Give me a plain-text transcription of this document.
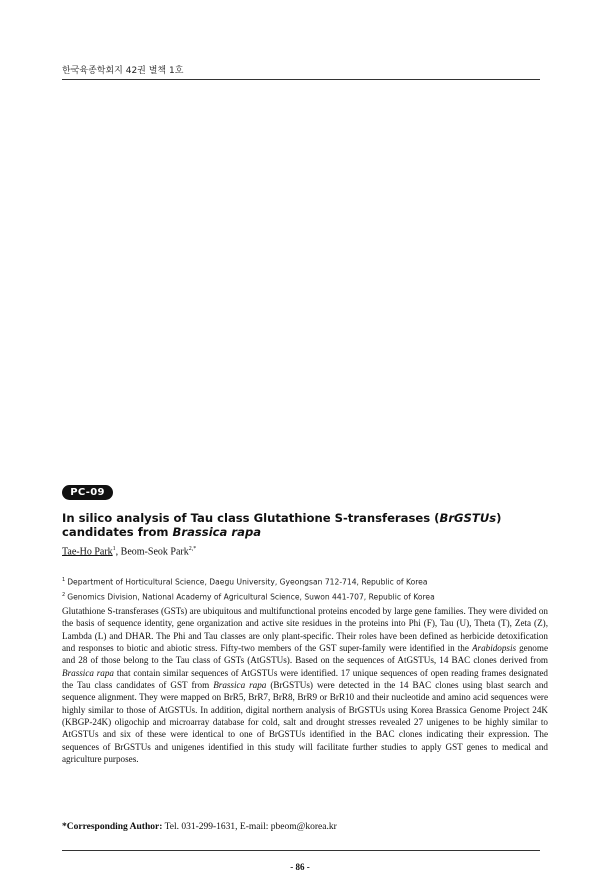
한국육종학회지 42권 별책 1호
PC-09
In silico analysis of Tau class Glutathione S-transferases (BrGSTUs) candidates from Brassica rapa
Tae-Ho Park$^1$, Beom-Seok Park$^{2,*}$
$^1$ Department of Horticultural Science, Daegu University, Gyeongsan 712-714, Republic of Korea
$^2$ Genomics Division, National Academy of Agricultural Science, Suwon 441-707, Republic of Korea
Glutathione S-transferases (GSTs) are ubiquitous and multifunctional proteins encoded by large gene families. They were divided on the basis of sequence identity, gene organization and active site residues in the proteins into Phi (F), Tau (U), Theta (T), Zeta (Z), Lambda (L) and DHAR. The Phi and Tau classes are only plant-specific. Their roles have been defined as herbicide detoxification and responses to biotic and abiotic stress. Fifty-two members of the GST super-family were identified in the Arabidopsis genome and 28 of those belong to the Tau class of GSTs (AtGSTUs). Based on the sequences of AtGSTUs, 14 BAC clones derived from Brassica rapa that contain similar sequences of AtGSTUs were identified. 17 unique sequences of open reading frames designated the Tau class candidates of GST from Brassica rapa (BrGSTUs) were detected in the 14 BAC clones using blast search and sequence alignment. They were mapped on BrR5, BrR7, BrR8, BrR9 or BrR10 and their nucleotide and amino acid sequences were highly similar to those of AtGSTUs. In addition, digital northern analysis of BrGSTUs using Korea Brassica Genome Project 24K (KBGP-24K) oligochip and microarray database for cold, salt and drought stresses revealed 27 unigenes to be highly similar to AtGSTUs and six of these were identical to one of BrGSTUs identified in the BAC clones indicating their expression. The sequences of BrGSTUs and unigenes identified in this study will facilitate further studies to apply GST genes to medical and agriculture purposes.
*Corresponding Author: Tel. 031-299-1631, E-mail: pbeom@korea.kr
- 86 -
